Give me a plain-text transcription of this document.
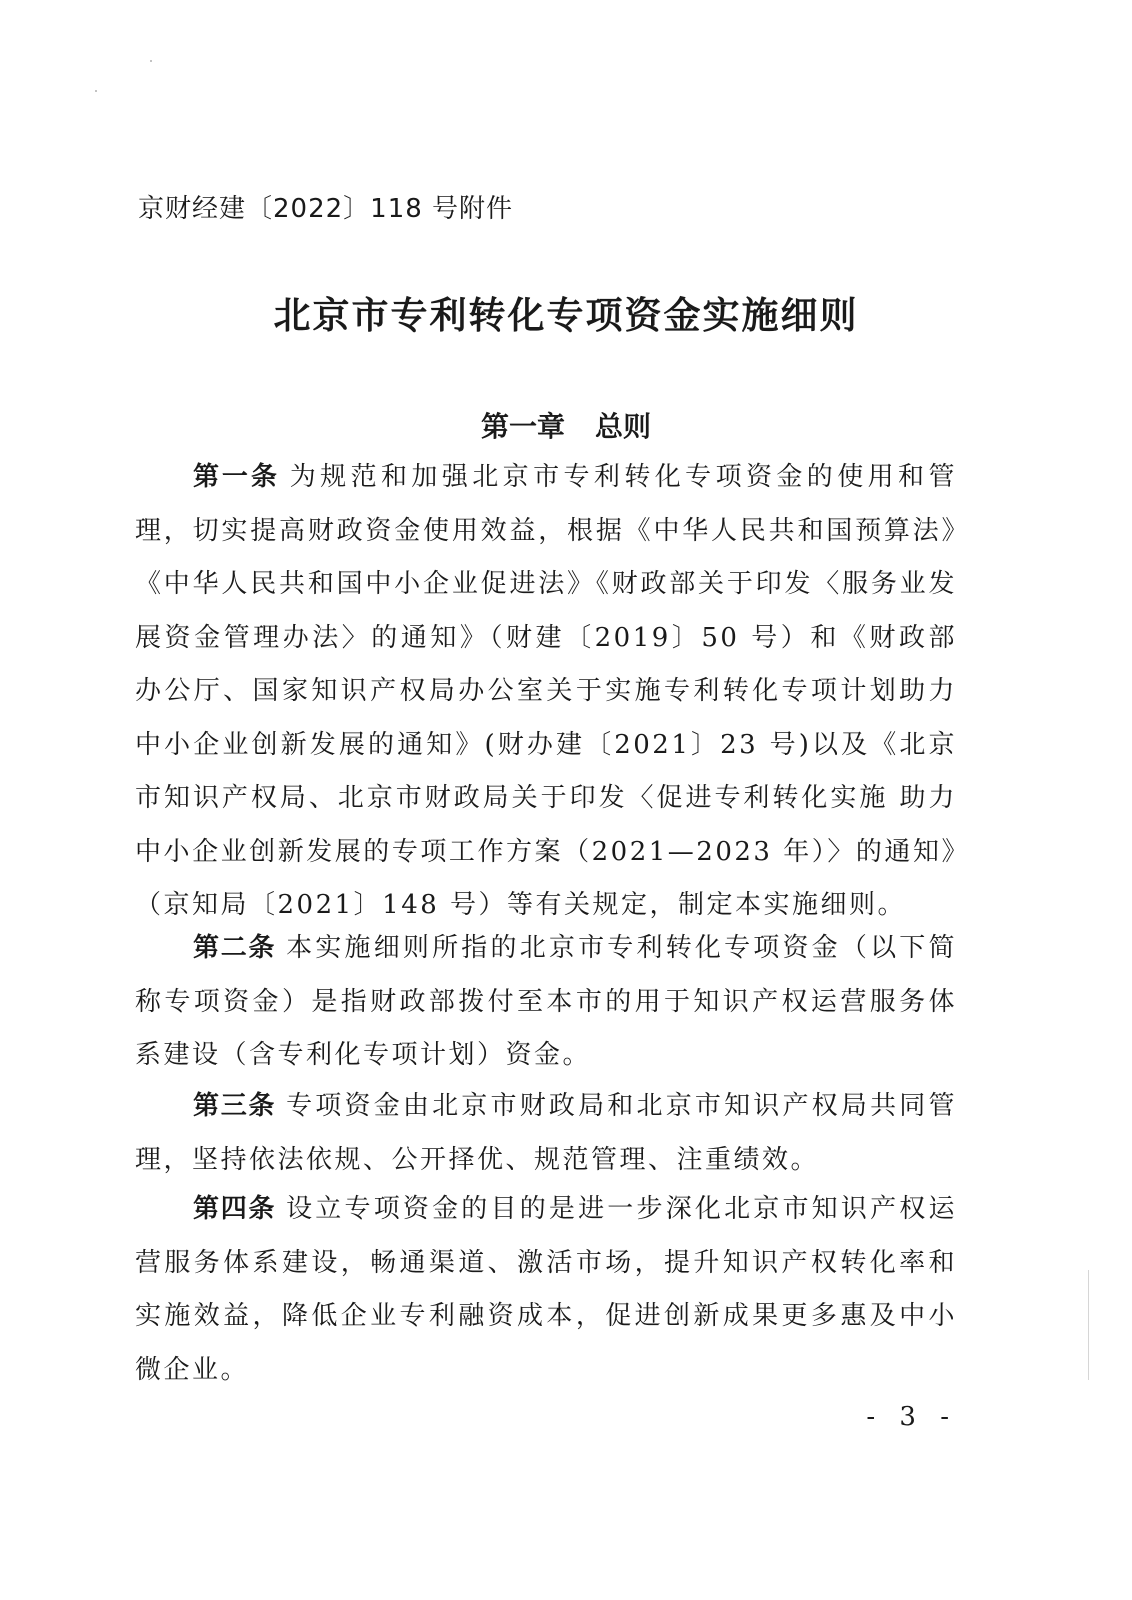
京财经建〔2022〕118 号附件
北京市专利转化专项资金实施细则
第一章 总则

第一条 为规范和加强北京市专利转化专项资金的使用和管理，切实提高财政资金使用效益，根据《中华人民共和国预算法》《中华人民共和国中小企业促进法》《财政部关于印发〈服务业发展资金管理办法〉的通知》（财建〔2019〕50 号）和《财政部办公厅、国家知识产权局办公室关于实施专利转化专项计划助力中小企业创新发展的通知》(财办建〔2021〕23 号)以及《北京市知识产权局、北京市财政局关于印发〈促进专利转化实施 助力中小企业创新发展的专项工作方案（2021—2023 年）〉的通知》（京知局〔2021〕148 号）等有关规定，制定本实施细则。

第二条 本实施细则所指的北京市专利转化专项资金（以下简称专项资金）是指财政部拨付至本市的用于知识产权运营服务体系建设（含专利化专项计划）资金。

第三条 专项资金由北京市财政局和北京市知识产权局共同管理，坚持依法依规、公开择优、规范管理、注重绩效。

第四条 设立专项资金的目的是进一步深化北京市知识产权运营服务体系建设，畅通渠道、激活市场，提升知识产权转化率和实施效益，降低企业专利融资成本，促进创新成果更多惠及中小微企业。

- 3 -
